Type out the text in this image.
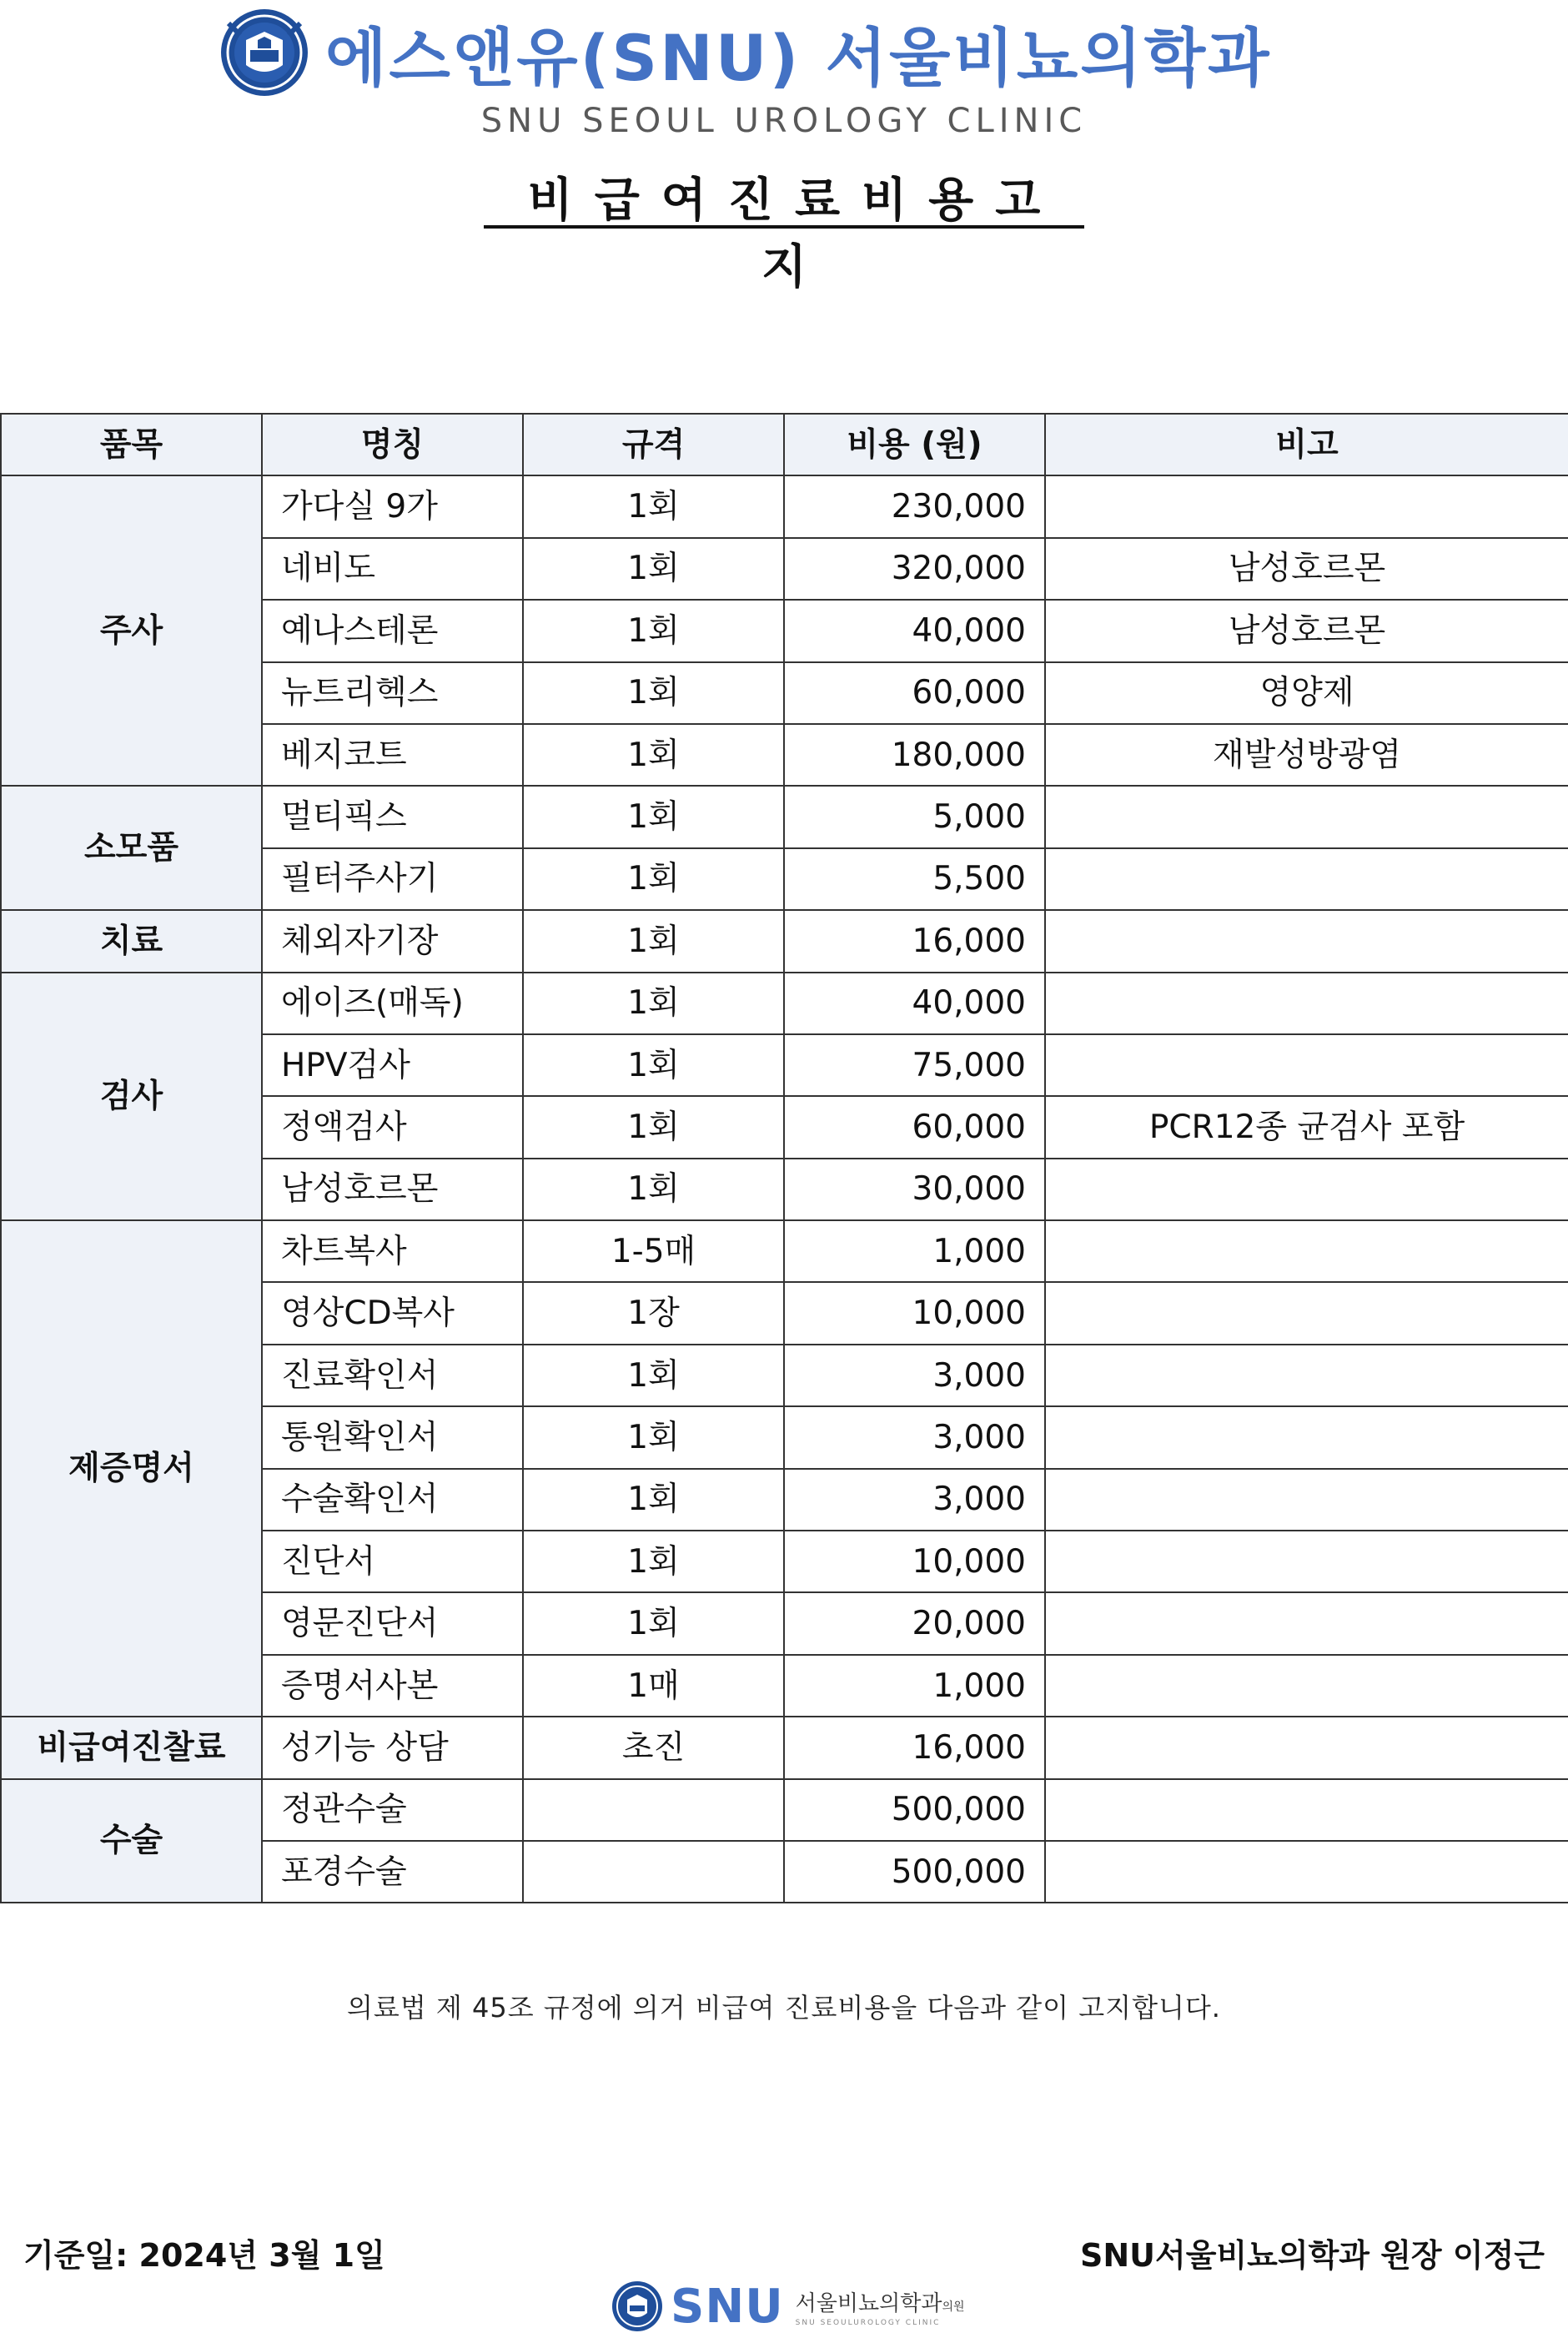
에스앤유(SNU) 서울비뇨의학과
SNU SEOUL UROLOGY CLINIC
비급여진료비용고지
품목	명칭	규격	비용 (원)	비고
주사	가다실 9가	1회	230,000	
	네비도	1회	320,000	남성호르몬
	예나스테론	1회	40,000	남성호르몬
	뉴트리헥스	1회	60,000	영양제
	베지코트	1회	180,000	재발성방광염
소모품	멀티픽스	1회	5,000	
	필터주사기	1회	5,500	
치료	체외자기장	1회	16,000	
검사	에이즈(매독)	1회	40,000	
	HPV검사	1회	75,000	
	정액검사	1회	60,000	PCR12종 균검사 포함
	남성호르몬	1회	30,000	
제증명서	차트복사	1-5매	1,000	
	영상CD복사	1장	10,000	
	진료확인서	1회	3,000	
	통원확인서	1회	3,000	
	수술확인서	1회	3,000	
	진단서	1회	10,000	
	영문진단서	1회	20,000	
	증명서사본	1매	1,000	
비급여진찰료	성기능 상담	초진	16,000	
수술	정관수술		500,000	
	포경수술		500,000	
의료법 제 45조 규정에 의거 비급여 진료비용을 다음과 같이 고지합니다.
기준일: 2024년 3월 1일	SNU서울비뇨의학과 원장 이정근
SNU 서울비뇨의학과의원
SNU SEOULUROLOGY CLINIC
